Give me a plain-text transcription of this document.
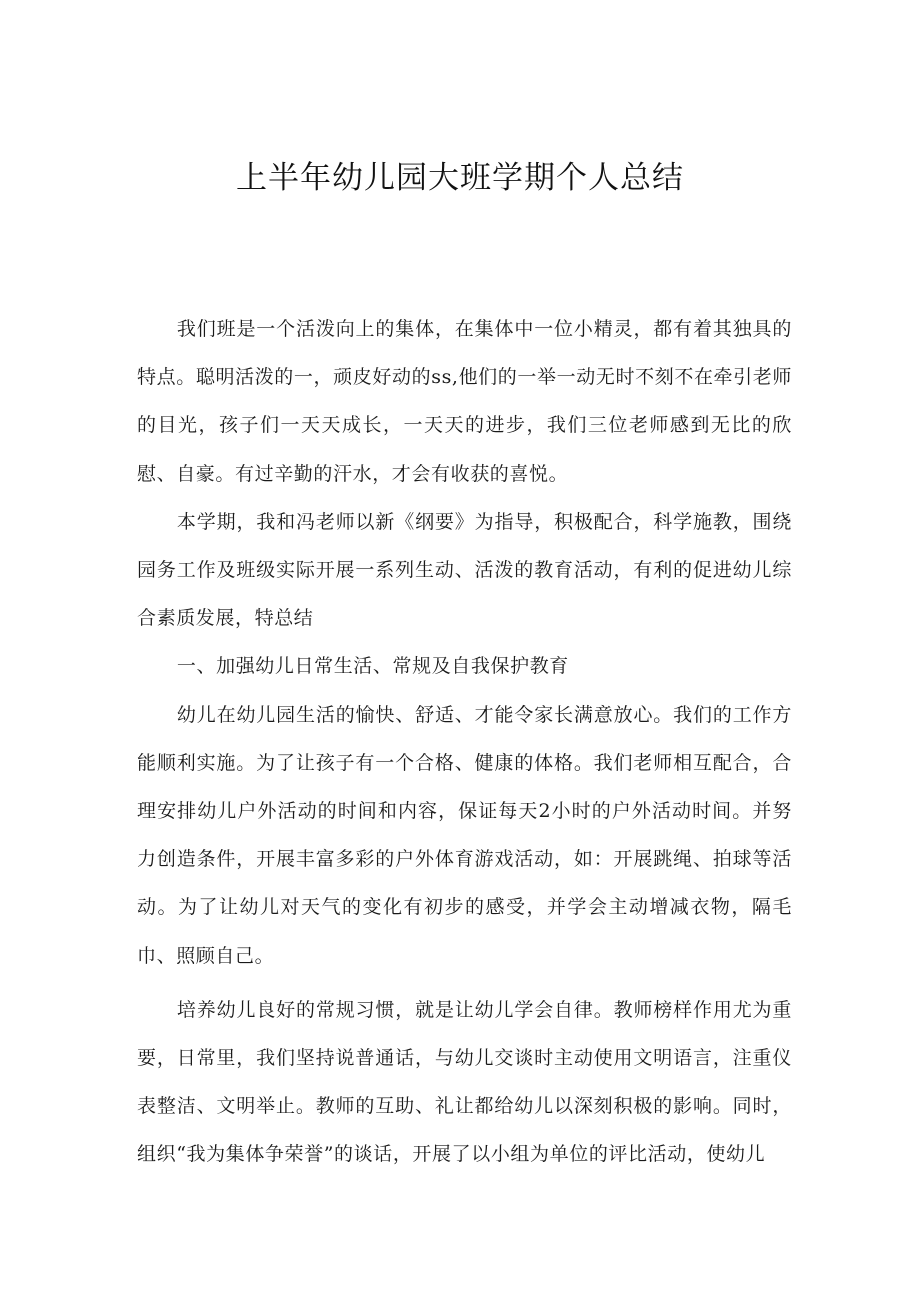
上半年幼儿园大班学期个人总结

我们班是一个活泼向上的集体，在集体中一位小精灵，都有着其独具的特点。聪明活泼的一，顽皮好动的ss,他们的一举一动无时不刻不在牵引老师的目光，孩子们一天天成长，一天天的进步，我们三位老师感到无比的欣慰、自豪。有过辛勤的汗水，才会有收获的喜悦。

本学期，我和冯老师以新《纲要》为指导，积极配合，科学施教，围绕园务工作及班级实际开展一系列生动、活泼的教育活动，有利的促进幼儿综合素质发展，特总结

一、加强幼儿日常生活、常规及自我保护教育

幼儿在幼儿园生活的愉快、舒适、才能令家长满意放心。我们的工作方能顺利实施。为了让孩子有一个合格、健康的体格。我们老师相互配合，合理安排幼儿户外活动的时间和内容，保证每天2小时的户外活动时间。并努力创造条件，开展丰富多彩的户外体育游戏活动，如：开展跳绳、拍球等活动。为了让幼儿对天气的变化有初步的感受，并学会主动增减衣物，隔毛巾、照顾自己。

培养幼儿良好的常规习惯，就是让幼儿学会自律。教师榜样作用尤为重要，日常里，我们坚持说普通话，与幼儿交谈时主动使用文明语言，注重仪表整洁、文明举止。教师的互助、礼让都给幼儿以深刻积极的影响。同时，组织“我为集体争荣誉”的谈话，开展了以小组为单位的评比活动，使幼儿
